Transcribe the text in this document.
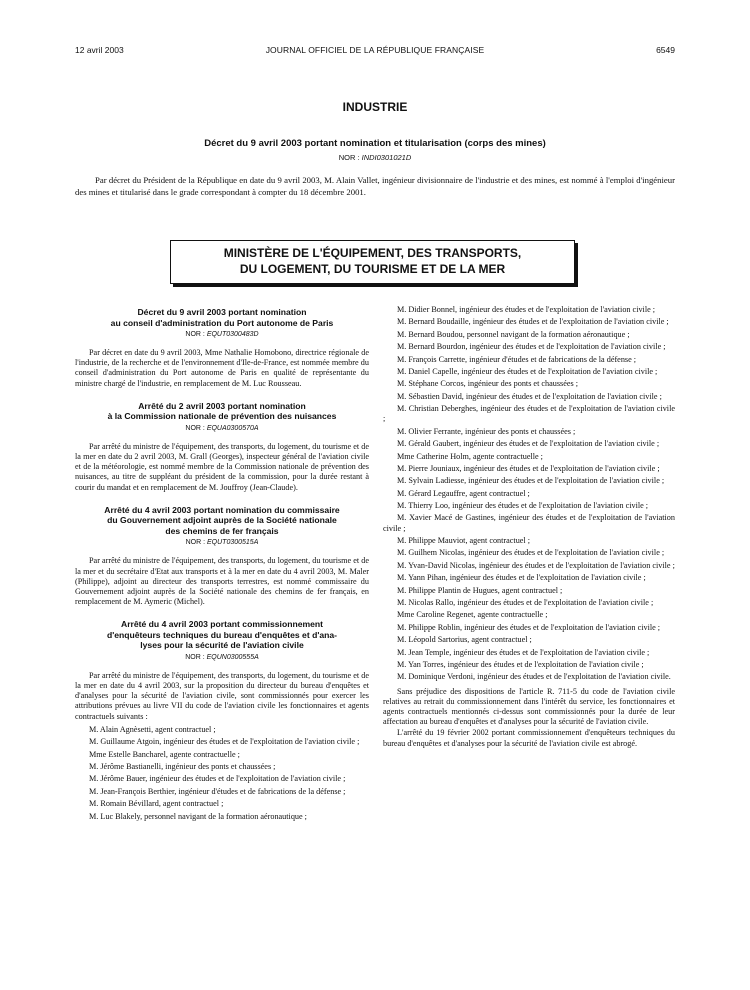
12 avril 2003	JOURNAL OFFICIEL DE LA RÉPUBLIQUE FRANÇAISE	6549
INDUSTRIE
Décret du 9 avril 2003 portant nomination et titularisation (corps des mines)
NOR : INDI0301021D

Par décret du Président de la République en date du 9 avril 2003, M. Alain Vallet, ingénieur divisionnaire de l'industrie et des mines, est nommé à l'emploi d'ingénieur des mines et titularisé dans le grade correspondant à compter du 18 décembre 2001.

MINISTÈRE DE L'ÉQUIPEMENT, DES TRANSPORTS,
DU LOGEMENT, DU TOURISME ET DE LA MER
Décret du 9 avril 2003 portant nomination
au conseil d'administration du Port autonome de Paris
NOR : EQUT0300483D

Par décret en date du 9 avril 2003, Mme Nathalie Homobono, directrice régionale de l'industrie, de la recherche et de l'environnement d'Ile-de-France, est nommée membre du conseil d'administration du Port autonome de Paris en qualité de représentante du ministre chargé de l'industrie, en remplacement de M. Luc Rousseau.

Arrêté du 2 avril 2003 portant nomination
à la Commission nationale de prévention des nuisances
NOR : EQUA0300570A

Par arrêté du ministre de l'équipement, des transports, du logement, du tourisme et de la mer en date du 2 avril 2003, M. Grall (Georges), inspecteur général de l'aviation civile et de la météorologie, est nommé membre de la Commission nationale de prévention des nuisances, au titre de suppléant du président de la commission, pour la durée restant à courir du mandat et en remplacement de M. Jouffroy (Jean-Claude).

Arrêté du 4 avril 2003 portant nomination du commissaire
du Gouvernement adjoint auprès de la Société nationale
des chemins de fer français
NOR : EQUT0300515A

Par arrêté du ministre de l'équipement, des transports, du logement, du tourisme et de la mer et du secrétaire d'Etat aux transports et à la mer en date du 4 avril 2003, M. Maler (Philippe), adjoint au directeur des transports terrestres, est nommé commissaire du Gouvernement adjoint auprès de la Société nationale des chemins de fer français, en remplacement de M. Aymeric (Michel).

Arrêté du 4 avril 2003 portant commissionnement
d'enquêteurs techniques du bureau d'enquêtes et d'ana-
lyses pour la sécurité de l'aviation civile
NOR : EQUN0300555A

Par arrêté du ministre de l'équipement, des transports, du logement, du tourisme et de la mer en date du 4 avril 2003, sur la proposition du directeur du bureau d'enquêtes et d'analyses pour la sécurité de l'aviation civile, sont commissionnés pour exercer les attributions prévues au livre VII du code de l'aviation civile les fonctionnaires et agents contractuels suivants :

M. Alain Agnèsetti, agent contractuel ;

M. Guillaume Atgoin, ingénieur des études et de l'exploitation de l'aviation civile ;

Mme Estelle Bancharel, agente contractuelle ;

M. Jérôme Bastianelli, ingénieur des ponts et chaussées ;

M. Jérôme Bauer, ingénieur des études et de l'exploitation de l'aviation civile ;

M. Jean-François Berthier, ingénieur d'études et de fabrications de la défense ;

M. Romain Bévillard, agent contractuel ;

M. Luc Blakely, personnel navigant de la formation aéronautique ;

M. Didier Bonnel, ingénieur des études et de l'exploitation de l'aviation civile ;

M. Bernard Boudaille, ingénieur des études et de l'exploitation de l'aviation civile ;

M. Bernard Boudou, personnel navigant de la formation aéronautique ;

M. Bernard Bourdon, ingénieur des études et de l'exploitation de l'aviation civile ;

M. François Carrette, ingénieur d'études et de fabrications de la défense ;

M. Daniel Capelle, ingénieur des études et de l'exploitation de l'aviation civile ;

M. Stéphane Corcos, ingénieur des ponts et chaussées ;

M. Sébastien David, ingénieur des études et de l'exploitation de l'aviation civile ;

M. Christian Deberghes, ingénieur des études et de l'exploitation de l'aviation civile ;

M. Olivier Ferrante, ingénieur des ponts et chaussées ;

M. Gérald Gaubert, ingénieur des études et de l'exploitation de l'aviation civile ;

Mme Catherine Holm, agente contractuelle ;

M. Pierre Jouniaux, ingénieur des études et de l'exploitation de l'aviation civile ;

M. Sylvain Ladiesse, ingénieur des études et de l'exploitation de l'aviation civile ;

M. Gérard Legauffre, agent contractuel ;

M. Thierry Loo, ingénieur des études et de l'exploitation de l'aviation civile ;

M. Xavier Macé de Gastines, ingénieur des études et de l'exploitation de l'aviation civile ;

M. Philippe Mauviot, agent contractuel ;

M. Guilhem Nicolas, ingénieur des études et de l'exploitation de l'aviation civile ;

M. Yvan-David Nicolas, ingénieur des études et de l'exploitation de l'aviation civile ;

M. Yann Pihan, ingénieur des études et de l'exploitation de l'aviation civile ;

M. Philippe Plantin de Hugues, agent contractuel ;

M. Nicolas Rallo, ingénieur des études et de l'exploitation de l'aviation civile ;

Mme Caroline Regenet, agente contractuelle ;

M. Philippe Roblin, ingénieur des études et de l'exploitation de l'aviation civile ;

M. Léopold Sartorius, agent contractuel ;

M. Jean Temple, ingénieur des études et de l'exploitation de l'aviation civile ;

M. Yan Torres, ingénieur des études et de l'exploitation de l'aviation civile ;

M. Dominique Verdoni, ingénieur des études et de l'exploitation de l'aviation civile.

Sans préjudice des dispositions de l'article R. 711-5 du code de l'aviation civile relatives au retrait du commissionnement dans l'intérêt du service, les fonctionnaires et agents contractuels mentionnés ci-dessus sont commissionnés pour la durée de leur affectation au bureau d'enquêtes et d'analyses pour la sécurité de l'aviation civile.

L'arrêté du 19 février 2002 portant commissionnement d'enquêteurs techniques du bureau d'enquêtes et d'analyses pour la sécurité de l'aviation civile est abrogé.
